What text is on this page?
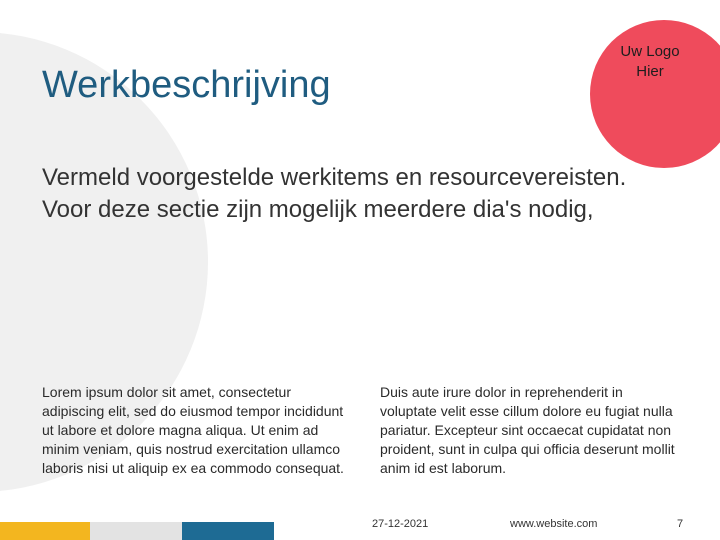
Uw Logo Hier
Werkbeschrijving

Vermeld voorgestelde werkitems en resourcevereisten. Voor deze sectie zijn mogelijk meerdere dia's nodig,

Lorem ipsum dolor sit amet, consectetur adipiscing elit, sed do eiusmod tempor incididunt ut labore et dolore magna aliqua. Ut enim ad minim veniam, quis nostrud exercitation ullamco laboris nisi ut aliquip ex ea commodo consequat.

Duis aute irure dolor in reprehenderit in voluptate velit esse cillum dolore eu fugiat nulla pariatur. Excepteur sint occaecat cupidatat non proident, sunt in culpa qui officia deserunt mollit anim id est laborum.

27-12-2021	www.website.com	7
